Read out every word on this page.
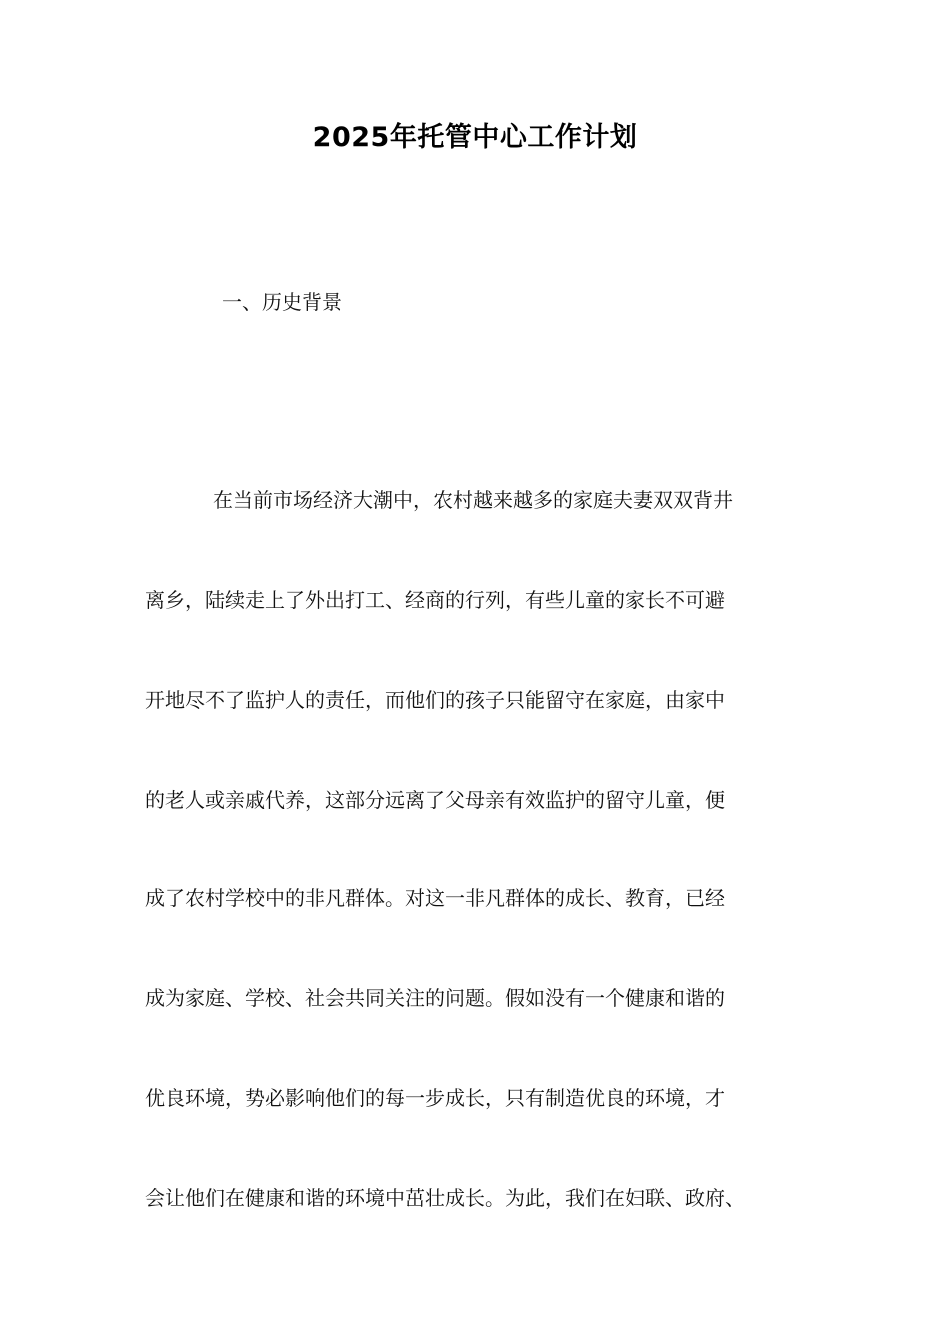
2025年托管中心工作计划
一、历史背景
在当前市场经济大潮中，农村越来越多的家庭夫妻双双背井
离乡，陆续走上了外出打工、经商的行列，有些儿童的家长不可避
开地尽不了监护人的责任，而他们的孩子只能留守在家庭，由家中
的老人或亲戚代养，这部分远离了父母亲有效监护的留守儿童，便
成了农村学校中的非凡群体。对这一非凡群体的成长、教育，已经
成为家庭、学校、社会共同关注的问题。假如没有一个健康和谐的
优良环境，势必影响他们的每一步成长，只有制造优良的环境，才
会让他们在健康和谐的环境中茁壮成长。为此，我们在妇联、政府、
